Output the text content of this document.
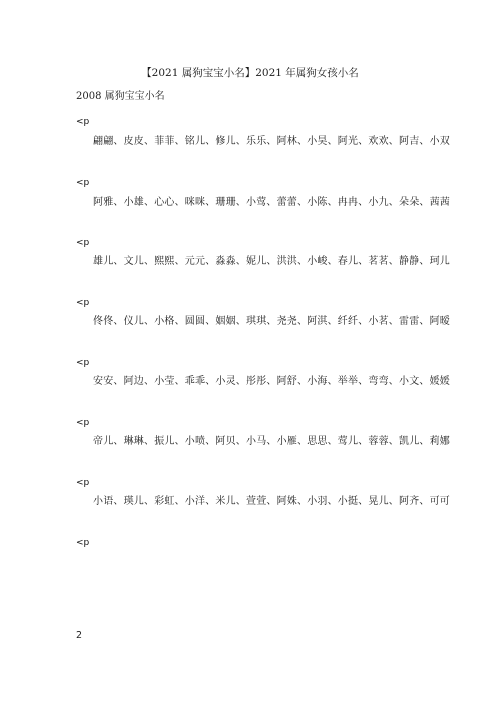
【2021 属狗宝宝小名】2021 年属狗女孩小名
2008 属狗宝宝小名
<p
翩翩、皮皮、菲菲、铭儿、修儿、乐乐、阿林、小昊、阿光、欢欢、阿吉、小双
<p
阿雅、小雄、心心、咪咪、珊珊、小莺、蕾蕾、小陈、冉冉、小九、朵朵、茜茜
<p
雄儿、文儿、熙熙、元元、淼淼、妮儿、洪洪、小峻、春儿、茗茗、静静、珂儿
<p
佟佟、仪儿、小格、圆圆、姻姻、琪琪、尧尧、阿淇、纤纤、小茗、雷雷、阿暧
<p
安安、阿边、小莹、乖乖、小灵、彤彤、阿舒、小海、举举、弯弯、小文、媛媛
<p
帝儿、琳琳、振儿、小喷、阿贝、小马、小雁、思思、莺儿、蓉蓉、凯儿、莉娜
<p
小语、瑛儿、彩虹、小洋、米儿、萱萱、阿姝、小羽、小挺、晃儿、阿齐、可可
<p
2
